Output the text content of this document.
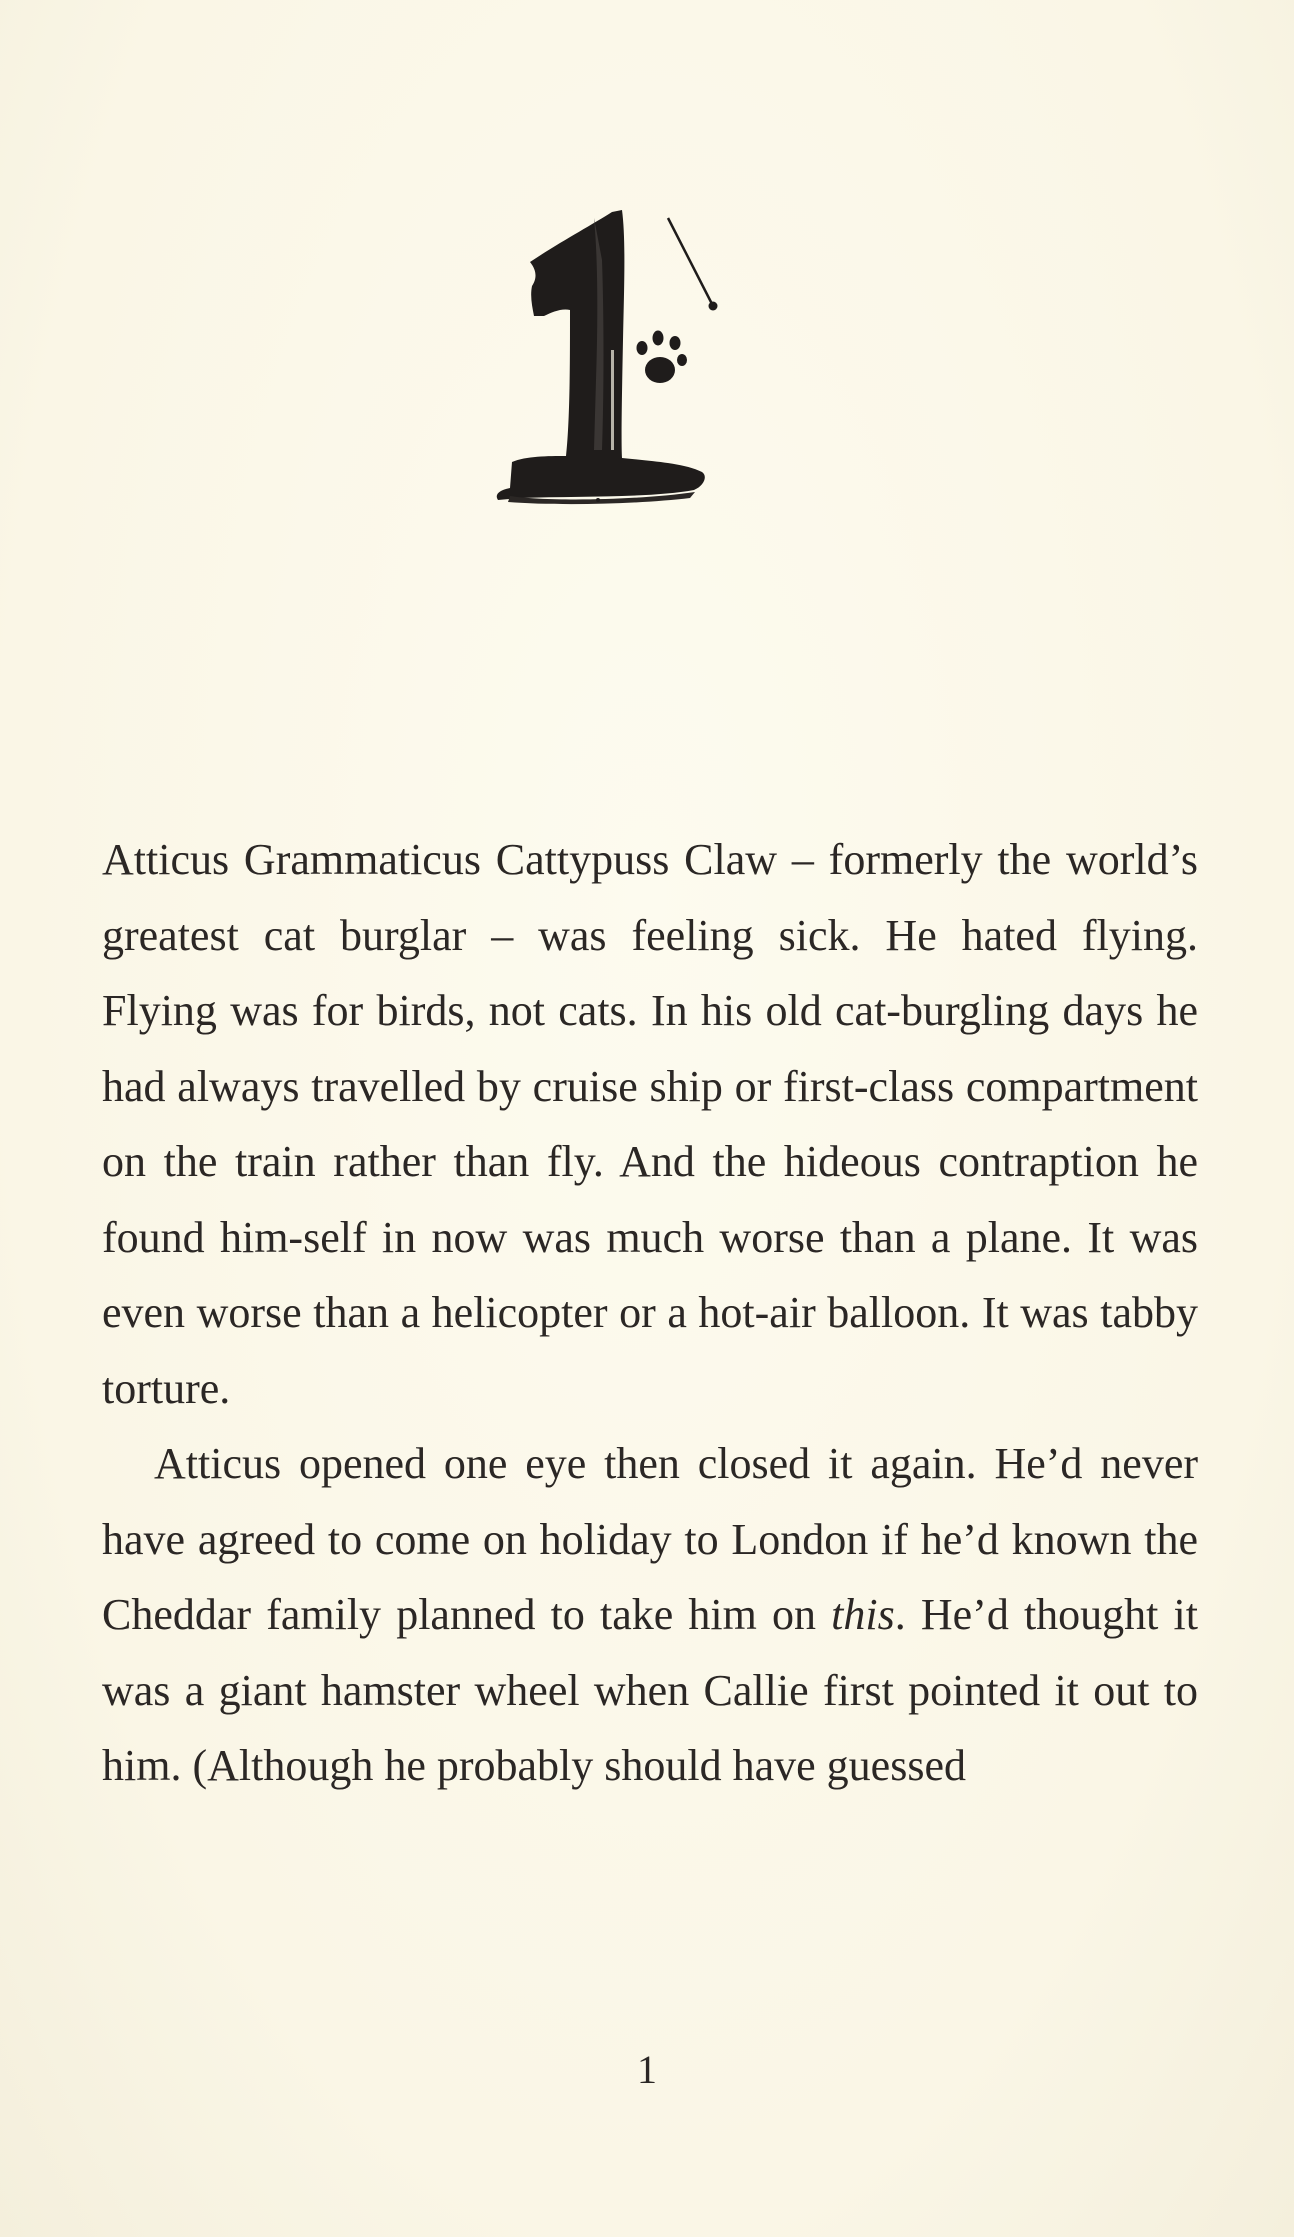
Atticus Grammaticus Cattypuss Claw – formerly the world’s greatest cat burglar – was feeling sick. He hated flying. Flying was for birds, not cats. In his old cat-burgling days he had always travelled by cruise ship or first-class compartment on the train rather than fly. And the hideous contraption he found him-self in now was much worse than a plane. It was even worse than a helicopter or a hot-air balloon. It was tabby torture.

Atticus opened one eye then closed it again. He’d never have agreed to come on holiday to London if he’d known the Cheddar family planned to take him on this. He’d thought it was a giant hamster wheel when Callie first pointed it out to him. (Although he probably should have guessed

1
